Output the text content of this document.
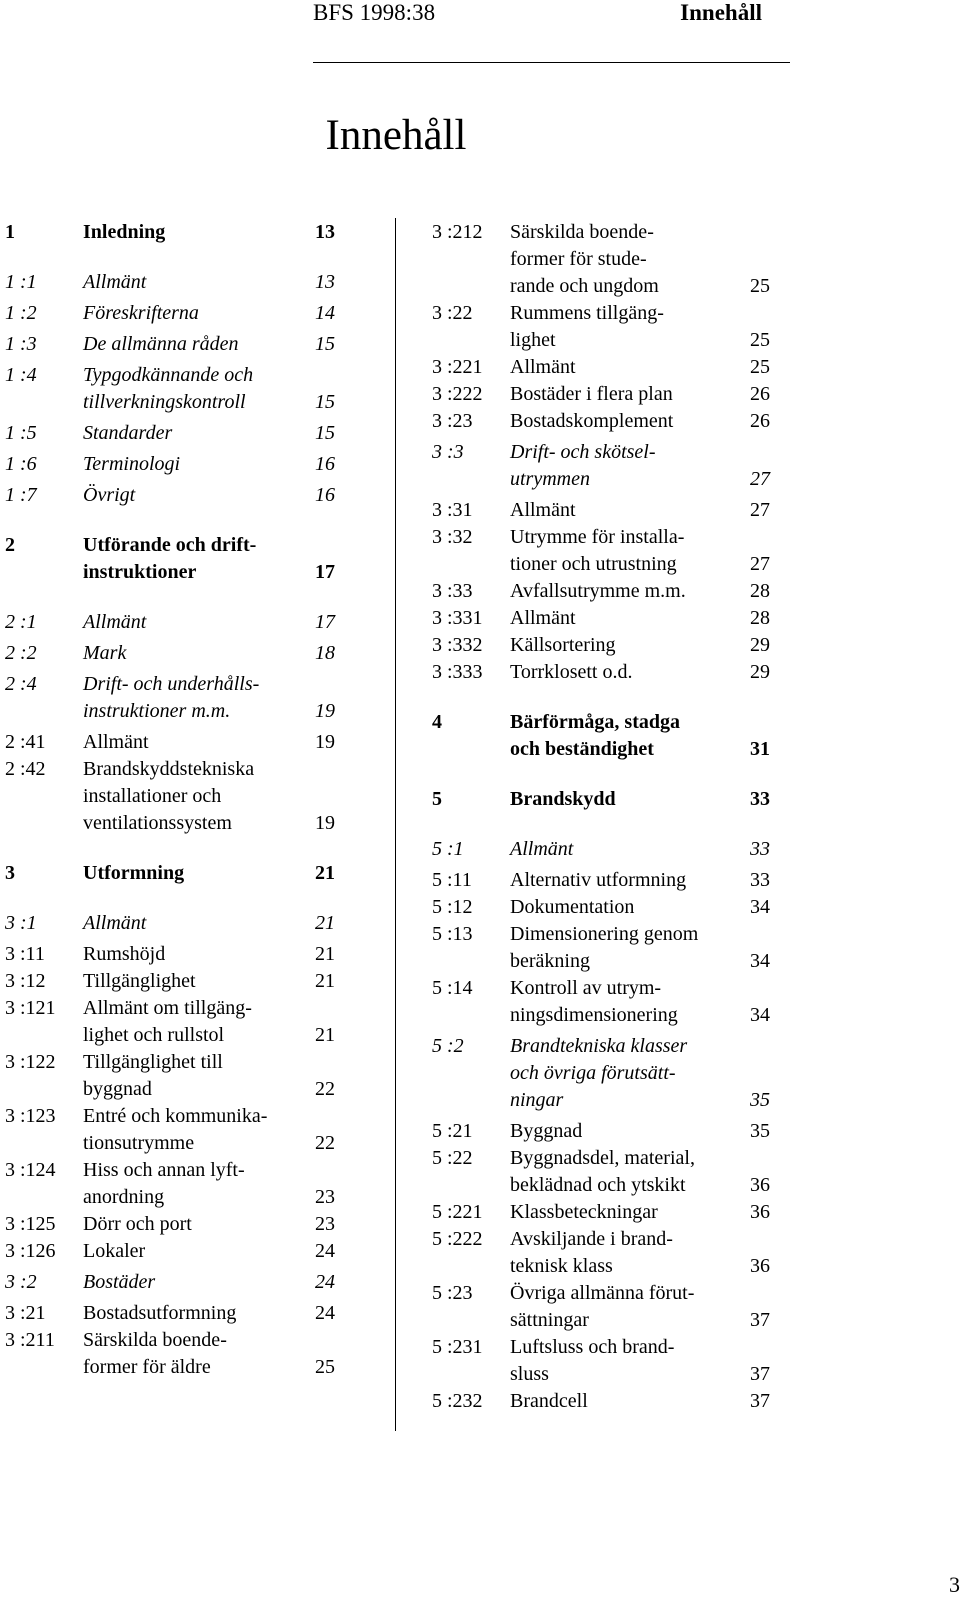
BFS 1998:38	Innehåll
Innehåll
1	Inledning	13
1 :1 Allmänt	13
1 :2 Föreskrifterna	14
1 :3 De allmänna råden	15
1 :4 Typgodkännande och
tillverkningskontroll	15
1 :5 Standarder	15
1 :6 Terminologi	16
1 :7 Övrigt	16
2	Utförande och drift-
instruktioner	17
2 :1 Allmänt	17
2 :2 Mark	18
2 :4 Drift- och underhålls-
instruktioner m.m.	19
2 :41 Allmänt	19
2 :42 Brandskyddstekniska
installationer och
ventilationssystem	19
3	Utformning	21
3 :1 Allmänt	21
3 :11 Rumshöjd	21
3 :12 Tillgänglighet	21
3 :121 Allmänt om tillgäng-
lighet och rullstol	21
3 :122 Tillgänglighet till
byggnad	22
3 :123 Entré och kommunika-
tionsutrymme	22
3 :124 Hiss och annan lyft-
anordning	23
3 :125 Dörr och port	23
3 :126 Lokaler	24
3 :2 Bostäder	24
3 :21 Bostadsutformning	24
3 :211 Särskilda boende-
former för äldre	25
3 :212 Särskilda boende-
former för stude-
rande och ungdom	25
3 :22 Rummens tillgäng-
lighet	25
3 :221 Allmänt	25
3 :222 Bostäder i flera plan	26
3 :23 Bostadskomplement	26
3 :3 Drift- och skötsel-
utrymmen	27
3 :31 Allmänt	27
3 :32 Utrymme för installa-
tioner och utrustning	27
3 :33 Avfallsutrymme m.m.	28
3 :331 Allmänt	28
3 :332 Källsortering	29
3 :333 Torrklosett o.d.	29
4	Bärförmåga, stadga
och beständighet	31
5	Brandskydd	33
5 :1 Allmänt	33
5 :11 Alternativ utformning	33
5 :12 Dokumentation	34
5 :13 Dimensionering genom
beräkning	34
5 :14 Kontroll av utrym-
ningsdimensionering	34
5 :2 Brandtekniska klasser
och övriga förutsätt-
ningar	35
5 :21 Byggnad	35
5 :22 Byggnadsdel, material,
beklädnad och ytskikt	36
5 :221 Klassbeteckningar	36
5 :222 Avskiljande i brand-
teknisk klass	36
5 :23 Övriga allmänna förut-
sättningar	37
5 :231 Luftsluss och brand-
sluss	37
5 :232 Brandcell	37
3
